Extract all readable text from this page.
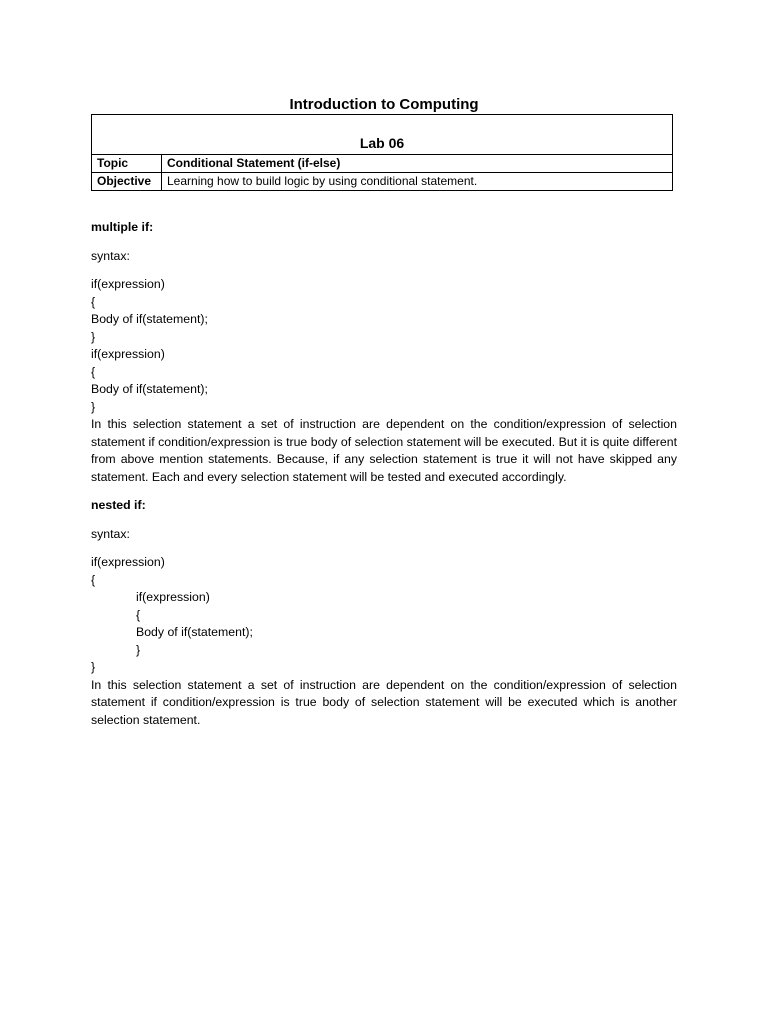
Introduction to Computing
Lab 06	
Topic	Conditional Statement (if-else)
Objective	Learning how to build logic by using conditional statement.

multiple if:

syntax:

if(expression)

{

Body of if(statement);

}

if(expression)

{

Body of if(statement);

}

In this selection statement a set of instruction are dependent on the condition/expression of selection statement if condition/expression is true body of selection statement will be executed. But it is quite different from above mention statements. Because, if any selection statement is true it will not have skipped any statement. Each and every selection statement will be tested and executed accordingly.

nested if:

syntax:

if(expression)

{

if(expression)

{

Body of if(statement);

}

}

In this selection statement a set of instruction are dependent on the condition/expression of selection statement if condition/expression is true body of selection statement will be executed which is another selection statement.
